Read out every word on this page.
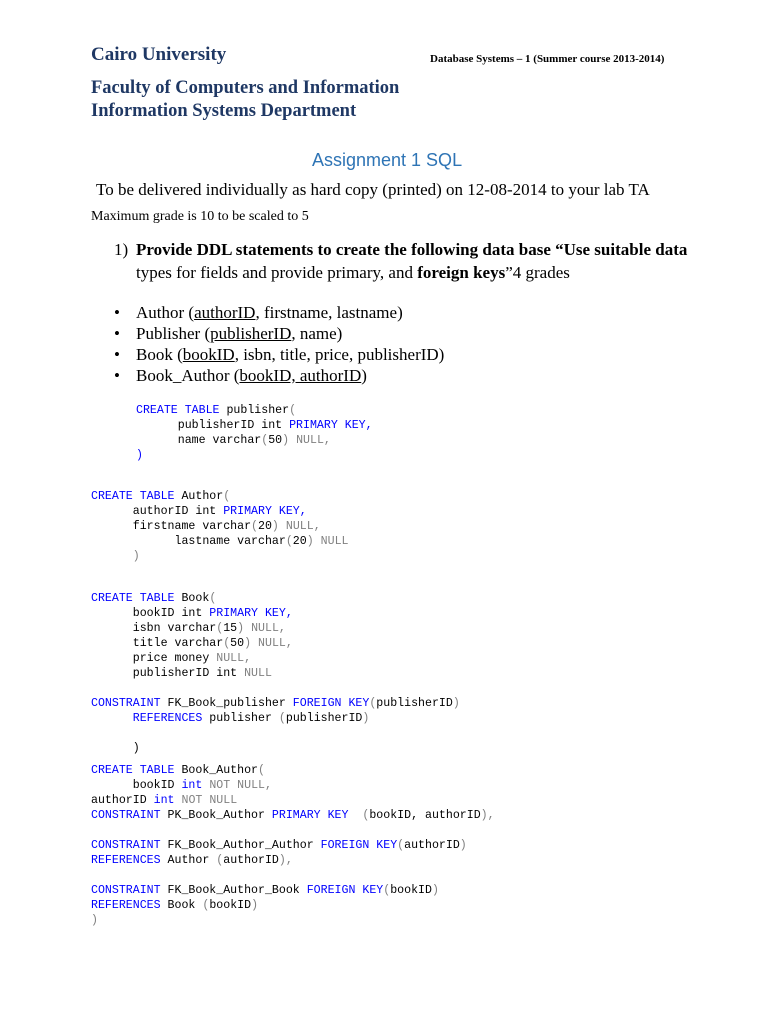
Cairo University	Database Systems – 1 (Summer course 2013-2014)
Faculty of Computers and Information
Information Systems Department
Assignment 1 SQL
To be delivered individually as hard copy (printed) on 12-08-2014 to your lab TA
Maximum grade is 10 to be scaled to 5
1) Provide DDL statements to create the following data base “Use suitable data
types for fields and provide primary, and foreign keys”4 grades
• Author (authorID, firstname, lastname)
• Publisher (publisherID, name)
• Book (bookID, isbn, title, price, publisherID)
• Book_Author (bookID, authorID)
CREATE TABLE publisher(
publisherID int PRIMARY KEY,
name varchar(50) NULL,
)
CREATE TABLE Author(
authorID int PRIMARY KEY,
firstname varchar(20) NULL,
lastname varchar(20) NULL
)
CREATE TABLE Book(
bookID int PRIMARY KEY,
isbn varchar(15) NULL,
title varchar(50) NULL,
price money NULL,
publisherID int NULL

CONSTRAINT FK_Book_publisher FOREIGN KEY(publisherID)
REFERENCES publisher (publisherID)

)
CREATE TABLE Book_Author(
bookID int NOT NULL,
authorID int NOT NULL
CONSTRAINT PK_Book_Author PRIMARY KEY (bookID, authorID),

CONSTRAINT FK_Book_Author_Author FOREIGN KEY(authorID)
REFERENCES Author (authorID),

CONSTRAINT FK_Book_Author_Book FOREIGN KEY(bookID)
REFERENCES Book (bookID)
)
